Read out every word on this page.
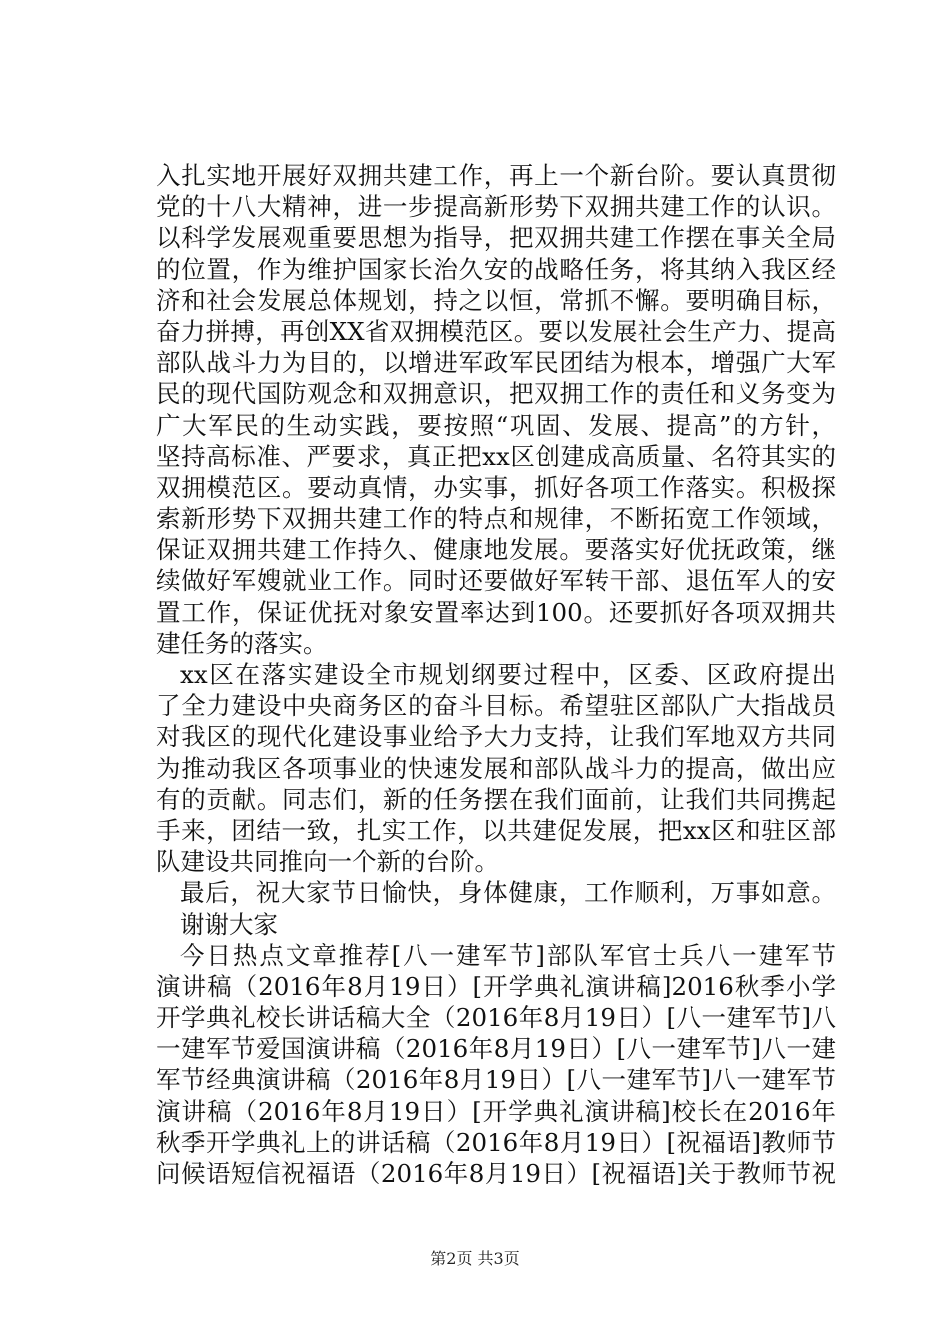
入扎实地开展好双拥共建工作，再上一个新台阶。要认真贯彻
党的十八大精神，进一步提高新形势下双拥共建工作的认识。
以科学发展观重要思想为指导，把双拥共建工作摆在事关全局
的位置，作为维护国家长治久安的战略任务，将其纳入我区经
济和社会发展总体规划，持之以恒，常抓不懈。要明确目标，
奋力拼搏，再创XX省双拥模范区。要以发展社会生产力、提高
部队战斗力为目的，以增进军政军民团结为根本，增强广大军
民的现代国防观念和双拥意识，把双拥工作的责任和义务变为
广大军民的生动实践，要按照“巩固、发展、提高”的方针，
坚持高标准、严要求，真正把xx区创建成高质量、名符其实的
双拥模范区。要动真情，办实事，抓好各项工作落实。积极探
索新形势下双拥共建工作的特点和规律，不断拓宽工作领域，
保证双拥共建工作持久、健康地发展。要落实好优抚政策，继
续做好军嫂就业工作。同时还要做好军转干部、退伍军人的安
置工作，保证优抚对象安置率达到100。还要抓好各项双拥共
建任务的落实。
xx区在落实建设全市规划纲要过程中，区委、区政府提出
了全力建设中央商务区的奋斗目标。希望驻区部队广大指战员
对我区的现代化建设事业给予大力支持，让我们军地双方共同
为推动我区各项事业的快速发展和部队战斗力的提高，做出应
有的贡献。同志们，新的任务摆在我们面前，让我们共同携起
手来，团结一致，扎实工作，以共建促发展，把xx区和驻区部
队建设共同推向一个新的台阶。
最后，祝大家节日愉快，身体健康，工作顺利，万事如意。
谢谢大家
今日热点文章推荐[八一建军节]部队军官士兵八一建军节
演讲稿（2016年8月19日）[开学典礼演讲稿]2016秋季小学
开学典礼校长讲话稿大全（2016年8月19日）[八一建军节]八
一建军节爱国演讲稿（2016年8月19日）[八一建军节]八一建
军节经典演讲稿（2016年8月19日）[八一建军节]八一建军节
演讲稿（2016年8月19日）[开学典礼演讲稿]校长在2016年
秋季开学典礼上的讲话稿（2016年8月19日）[祝福语]教师节
问候语短信祝福语（2016年8月19日）[祝福语]关于教师节祝
第2页 共3页
